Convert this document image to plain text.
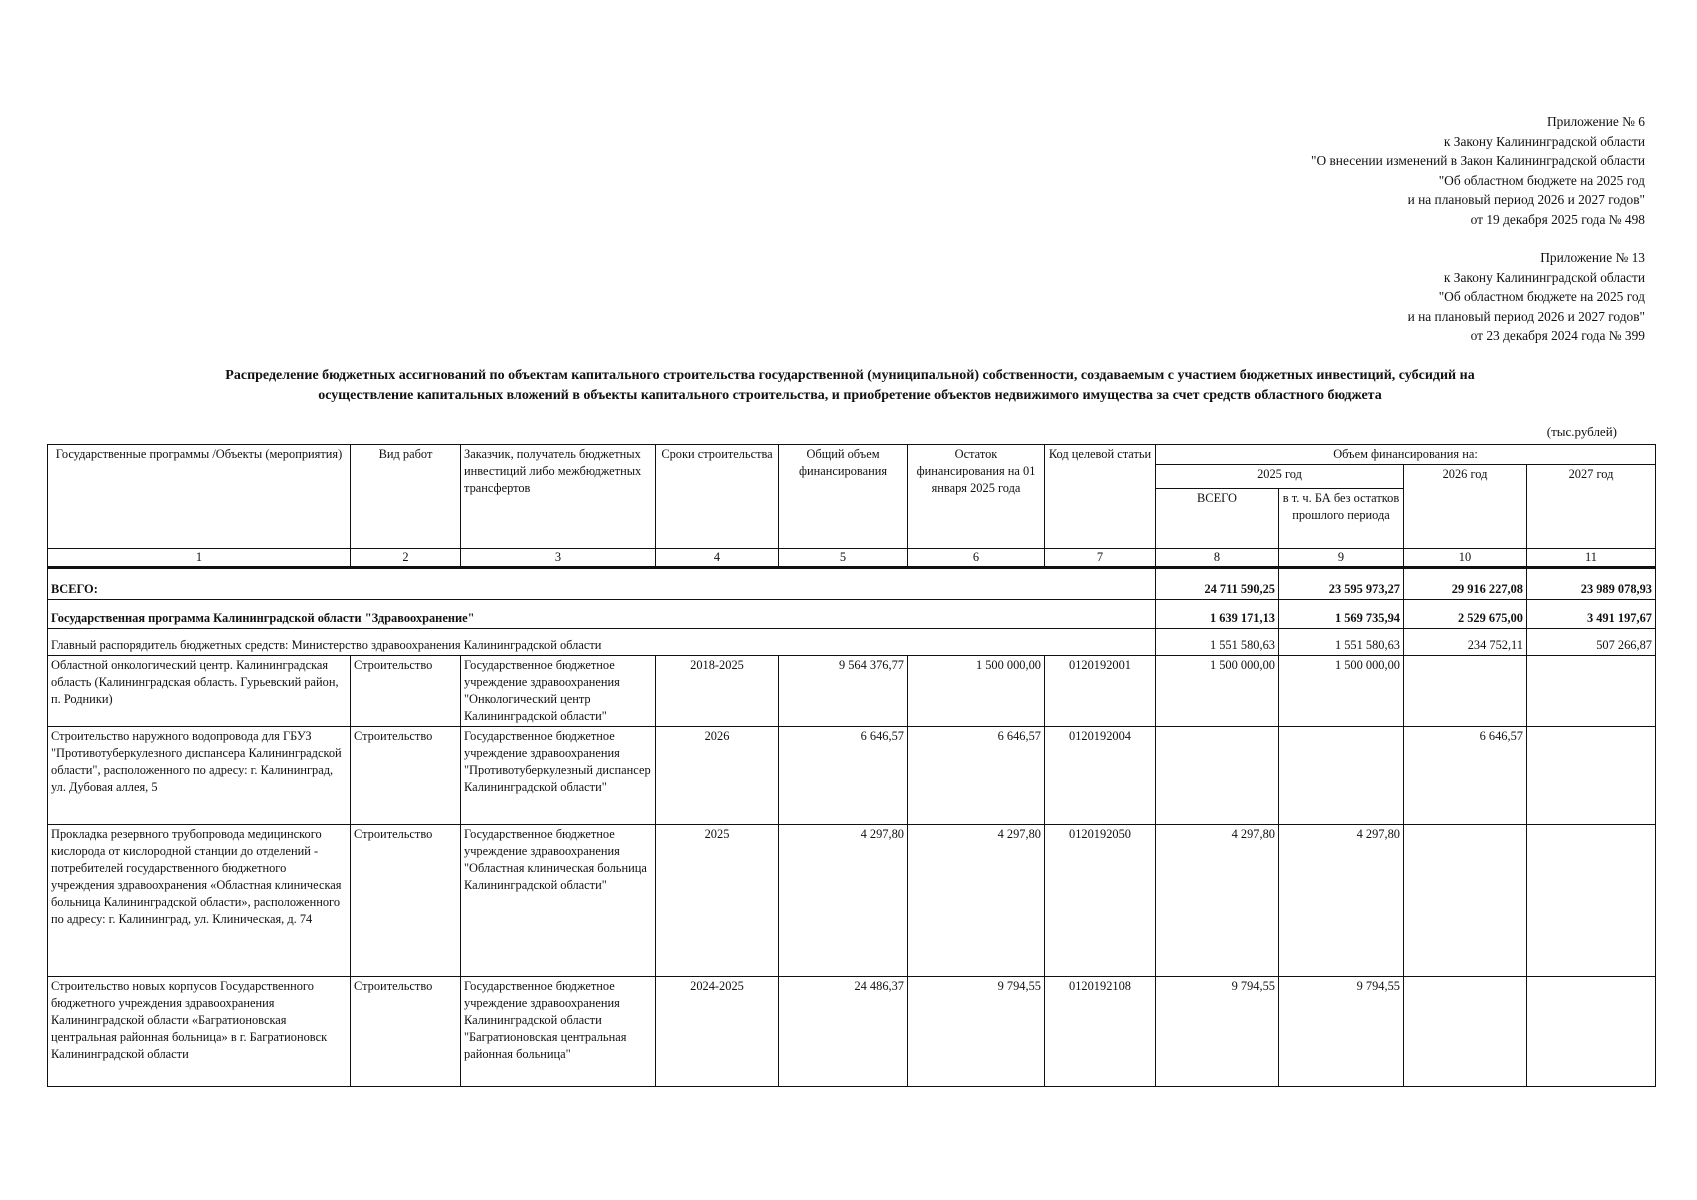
Приложение № 6
к Закону Калининградской области
"О внесении изменений в Закон Калининградской области
"Об областном бюджете на 2025 год
и на плановый период 2026 и 2027 годов"
от 19 декабря 2025 года № 498
Приложение № 13
к Закону Калининградской области
"Об областном бюджете на 2025 год
и на плановый период 2026 и 2027 годов"
от 23 декабря 2024 года № 399
Распределение бюджетных ассигнований по объектам капитального строительства государственной (муниципальной) собственности, создаваемым с участием бюджетных инвестиций, субсидий на
осуществление капитальных вложений в объекты капитального строительства, и приобретение объектов недвижимого имущества за счет средств областного бюджета
(тыс.рублей)
Государственные программы /Объекты (мероприятия)	Вид работ	Заказчик, получатель бюджетных инвестиций либо межбюджетных трансфертов	Сроки строительства	Общий объем финансирования	Остаток финансирования на 01 января 2025 года	Код целевой статьи	Объем финансирования на:			
							2025 год		2026 год	2027 год
							ВСЕГО	в т. ч. БА без остатков прошлого периода		
1	2	3	4	5	6	7	8	9	10	11
ВСЕГО:							24 711 590,25	23 595 973,27	29 916 227,08	23 989 078,93
Государственная программа Калининградской области "Здравоохранение"							1 639 171,13	1 569 735,94	2 529 675,00	3 491 197,67
Главный распорядитель бюджетных средств: Министерство здравоохранения Калининградской области							1 551 580,63	1 551 580,63	234 752,11	507 266,87
Областной онкологический центр. Калининградская область (Калининградская область. Гурьевский район, п. Родники)	Строительство	Государственное бюджетное учреждение здравоохранения "Онкологический центр Калининградской области"	2018-2025	9 564 376,77	1 500 000,00	0120192001	1 500 000,00	1 500 000,00		
Строительство наружного водопровода для ГБУЗ "Противотуберкулезного диспансера Калининградской области", расположенного по адресу: г. Калининград, ул. Дубовая аллея, 5	Строительство	Государственное бюджетное учреждение здравоохранения "Противотуберкулезный диспансер Калининградской области"	2026	6 646,57	6 646,57	0120192004			6 646,57	
Прокладка резервного трубопровода медицинского кислорода от кислородной станции до отделений - потребителей государственного бюджетного учреждения здравоохранения «Областная клиническая больница Калининградской области», расположенного по адресу: г. Калининград, ул. Клиническая, д. 74	Строительство	Государственное бюджетное учреждение здравоохранения "Областная клиническая больница Калининградской области"	2025	4 297,80	4 297,80	0120192050	4 297,80	4 297,80		
Строительство новых корпусов Государственного бюджетного учреждения здравоохранения Калининградской области «Багратионовская центральная районная больница» в г. Багратионовск Калининградской области	Строительство	Государственное бюджетное учреждение здравоохранения Калининградской области "Багратионовская центральная районная больница"	2024-2025	24 486,37	9 794,55	0120192108	9 794,55	9 794,55		
